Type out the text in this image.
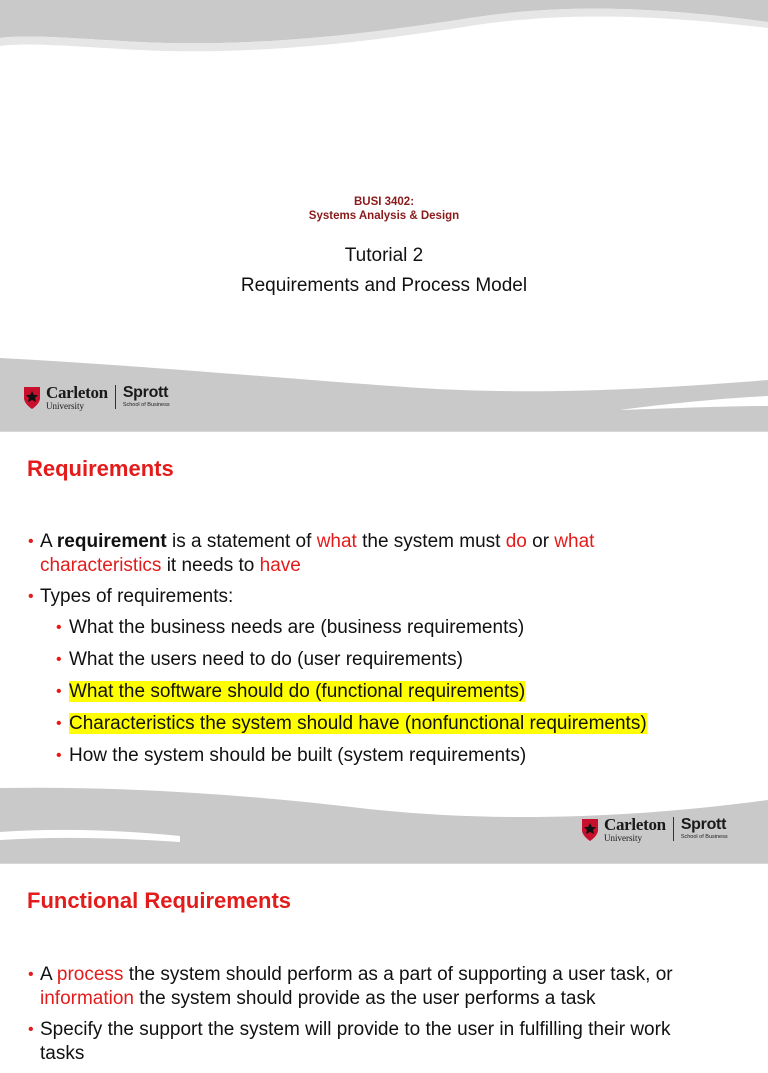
BUSI 3402:
Systems Analysis & Design
Tutorial 2
Requirements and Process Model
Carleton
University
Sprott
School of Business
Requirements
• A requirement is a statement of what the system must do or what characteristics it needs to have
• Types of requirements:
• What the business needs are (business requirements)
• What the users need to do (user requirements)
• What the software should do (functional requirements)
• Characteristics the system should have (nonfunctional requirements)
• How the system should be built (system requirements)
Carleton
University
Sprott
School of Business
Functional Requirements
• A process the system should perform as a part of supporting a user task, or information the system should provide as the user performs a task
• Specify the support the system will provide to the user in fulfilling their work tasks
